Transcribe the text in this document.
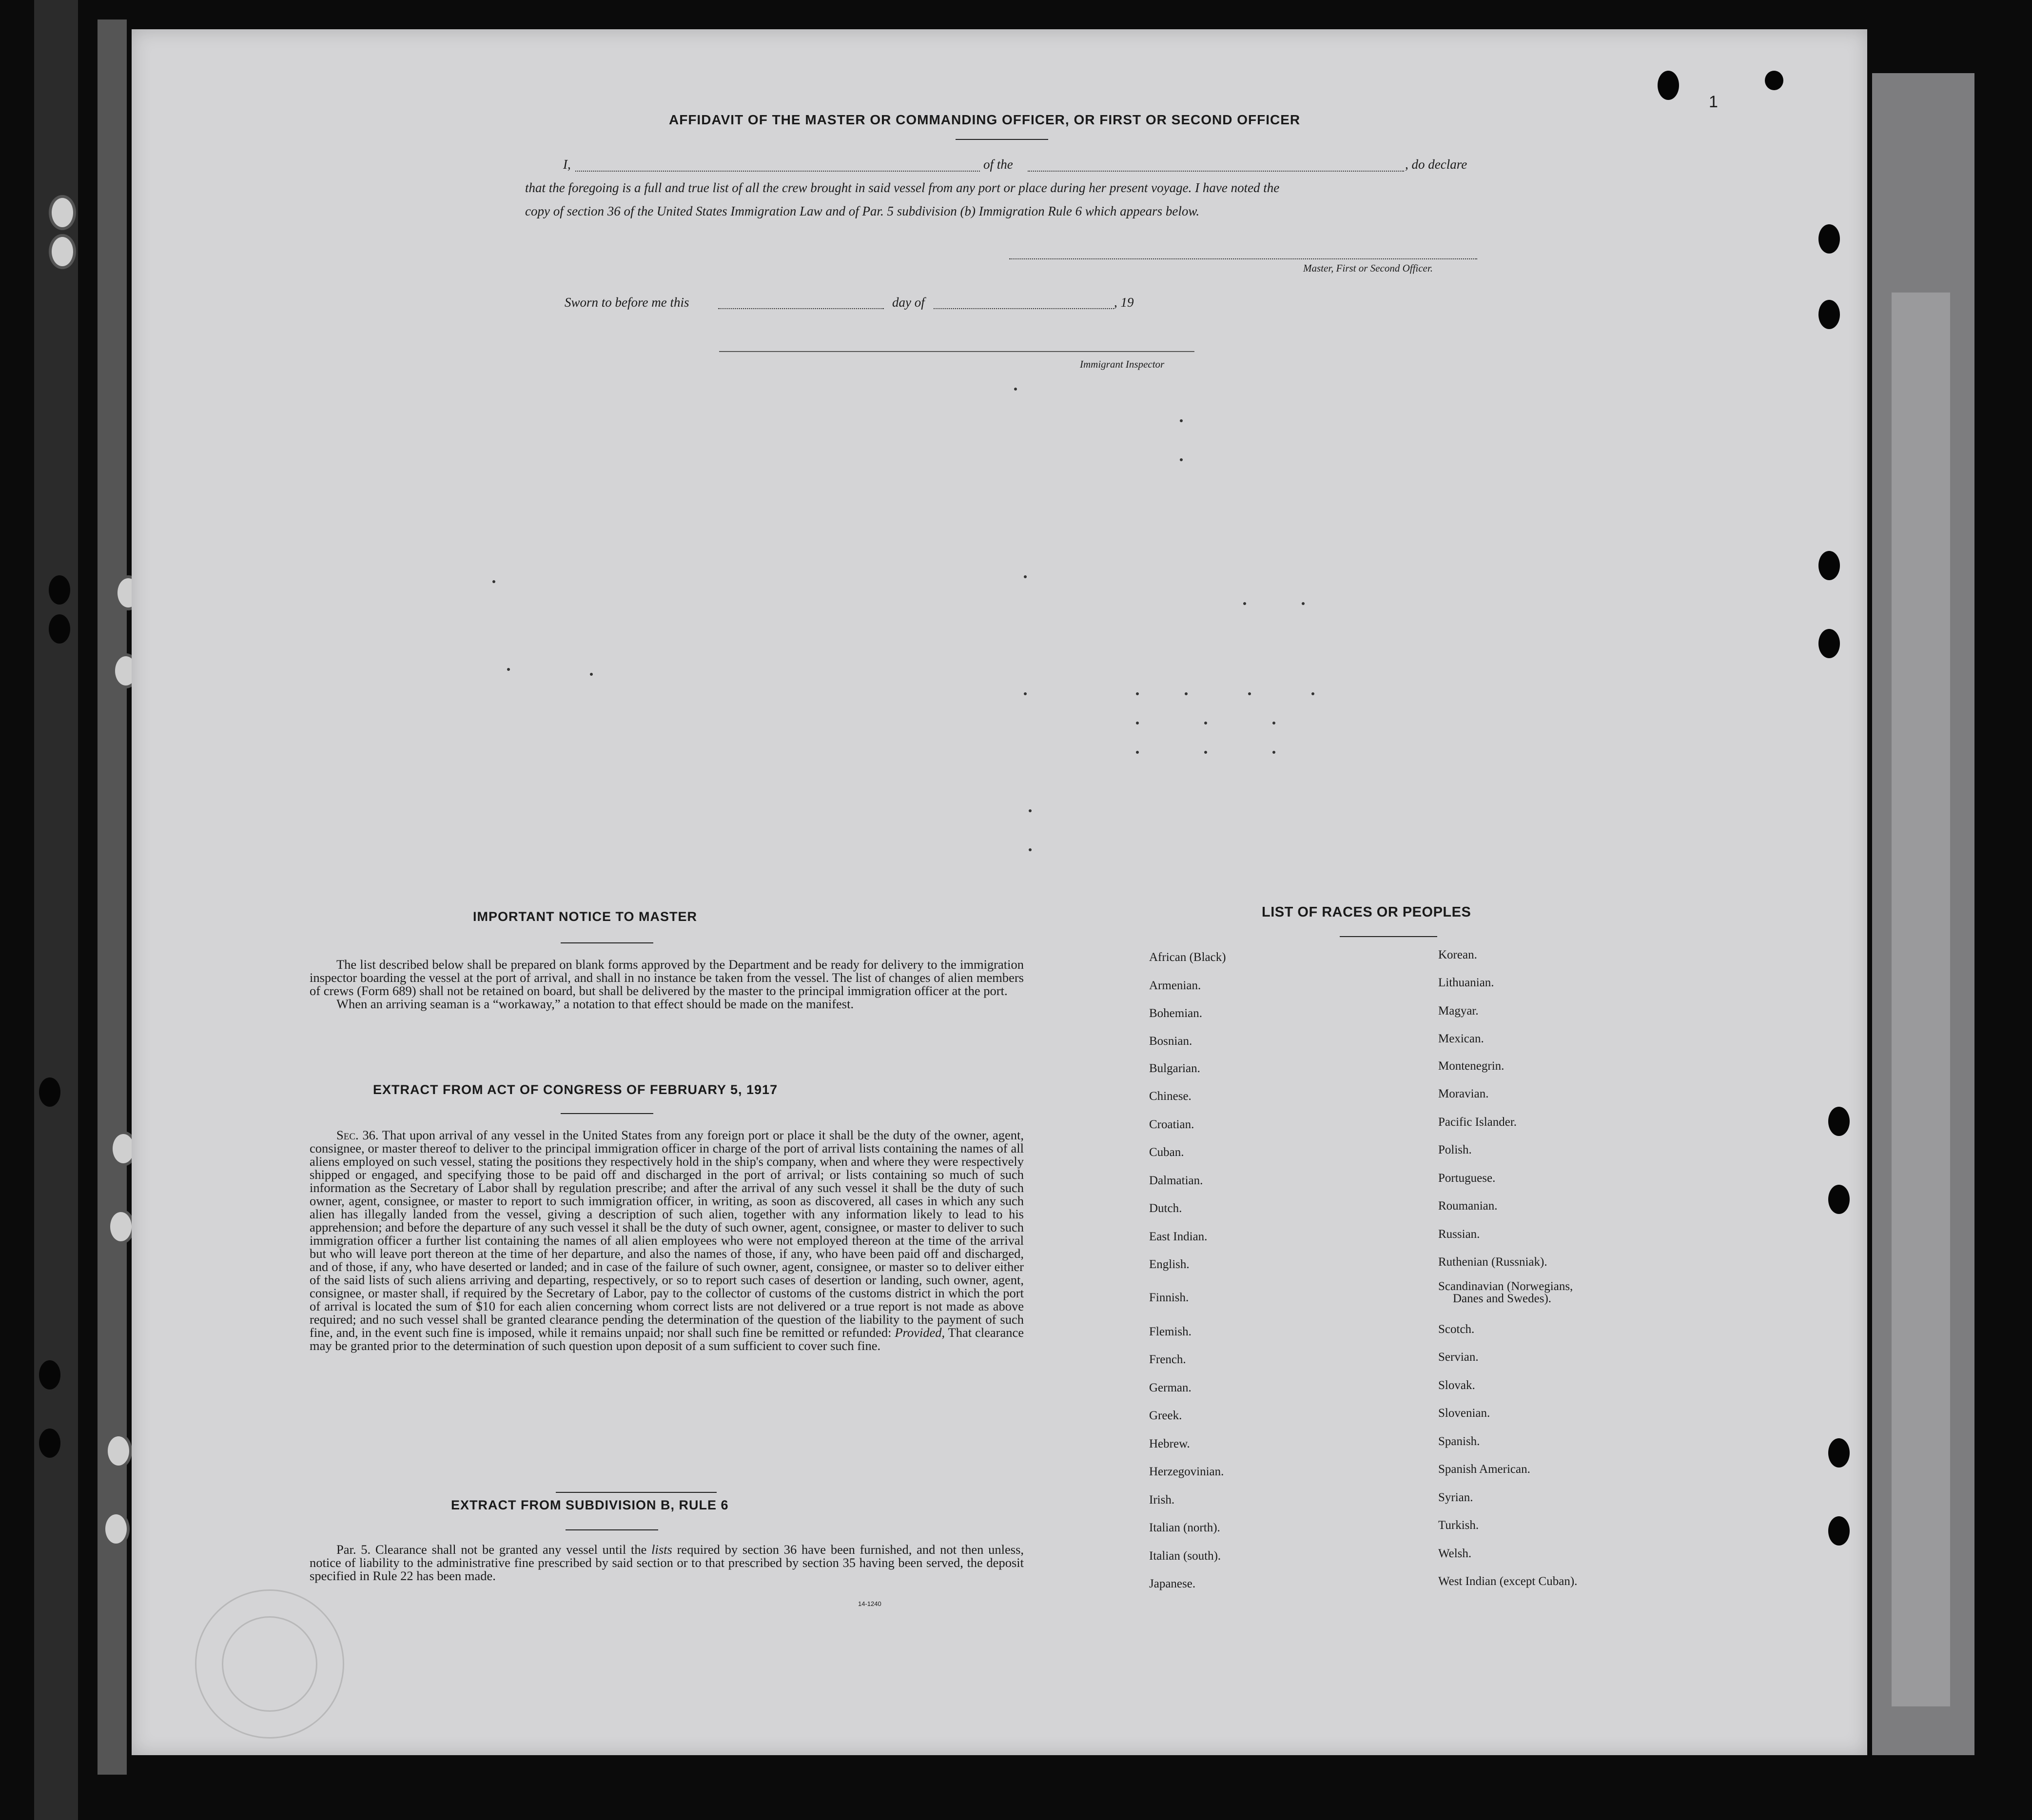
AFFIDAVIT OF THE MASTER OR COMMANDING OFFICER, OR FIRST OR SECOND OFFICER
I,	of the	, do declare
that the foregoing is a full and true list of all the crew brought in said vessel from any port or place during her present voyage. I have noted the
copy of section 36 of the United States Immigration Law and of Par. 5 subdivision (b) Immigration Rule 6 which appears below.
Master, First or Second Officer.
Sworn to before me this	day of	, 19
Immigrant Inspector
1
IMPORTANT NOTICE TO MASTER

The list described below shall be prepared on blank forms approved by the Department and be ready for delivery to the immigration inspector boarding the vessel at the port of arrival, and shall in no instance be taken from the vessel. The list of changes of alien members of crews (Form 689) shall not be retained on board, but shall be delivered by the master to the principal immigration officer at the port.

When an arriving seaman is a “workaway,” a notation to that effect should be made on the manifest.

EXTRACT FROM ACT OF CONGRESS OF FEBRUARY 5, 1917

Sec. 36. That upon arrival of any vessel in the United States from any foreign port or place it shall be the duty of the owner, agent, consignee, or master thereof to deliver to the principal immigration officer in charge of the port of arrival lists containing the names of all aliens employed on such vessel, stating the positions they respectively hold in the ship's company, when and where they were respectively shipped or engaged, and specifying those to be paid off and discharged in the port of arrival; or lists containing so much of such information as the Secretary of Labor shall by regulation prescribe; and after the arrival of any such vessel it shall be the duty of such owner, agent, consignee, or master to report to such immigration officer, in writing, as soon as discovered, all cases in which any such alien has illegally landed from the vessel, giving a description of such alien, together with any information likely to lead to his apprehension; and before the departure of any such vessel it shall be the duty of such owner, agent, consignee, or master to deliver to such immigration officer a further list containing the names of all alien employees who were not employed thereon at the time of the arrival but who will leave port thereon at the time of her departure, and also the names of those, if any, who have been paid off and discharged, and of those, if any, who have deserted or landed; and in case of the failure of such owner, agent, consignee, or master so to deliver either of the said lists of such aliens arriving and departing, respectively, or so to report such cases of desertion or landing, such owner, agent, consignee, or master shall, if required by the Secretary of Labor, pay to the collector of customs of the customs district in which the port of arrival is located the sum of $10 for each alien concerning whom correct lists are not delivered or a true report is not made as above required; and no such vessel shall be granted clearance pending the determination of the question of the liability to the payment of such fine, and, in the event such fine is imposed, while it remains unpaid; nor shall such fine be remitted or refunded: Provided, That clearance may be granted prior to the determination of such question upon deposit of a sum sufficient to cover such fine.

EXTRACT FROM SUBDIVISION B, RULE 6

Par. 5. Clearance shall not be granted any vessel until the lists required by section 36 have been furnished, and not then unless, notice of liability to the administrative fine prescribed by said section or to that prescribed by section 35 having been served, the deposit specified in Rule 22 has been made.

14-1240
LIST OF RACES OR PEOPLES
African (Black)
Armenian.
Bohemian.
Bosnian.
Bulgarian.
Chinese.
Croatian.
Cuban.
Dalmatian.
Dutch.
East Indian.
English.
Finnish.
Flemish.
French.
German.
Greek.
Hebrew.
Herzegovinian.
Irish.
Italian (north).
Italian (south).
Japanese.
Korean.
Lithuanian.
Magyar.
Mexican.
Montenegrin.
Moravian.
Pacific Islander.
Polish.
Portuguese.
Roumanian.
Russian.
Ruthenian (Russniak).
Scandinavian (Norwegians,
Danes and Swedes).
Scotch.
Servian.
Slovak.
Slovenian.
Spanish.
Spanish American.
Syrian.
Turkish.
Welsh.
West Indian (except Cuban).
